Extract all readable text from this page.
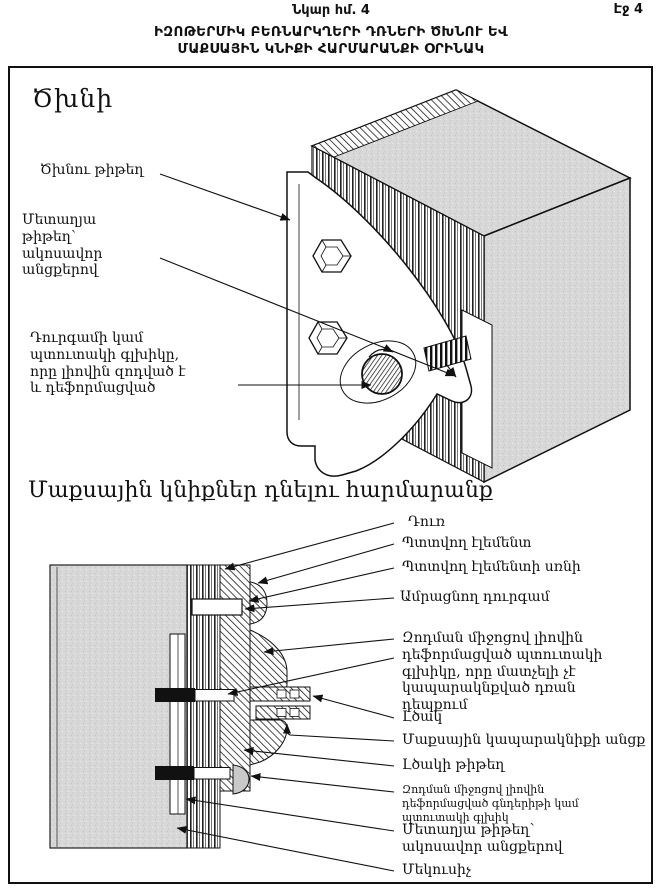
Նկար հմ. 4	Էջ 4
ԻԶՈԹԵՐՄԻԿ ԲԵՌՆԱՐԿՂԵՐԻ ԴՌՆԵՐԻ ԾԽՆՈՒ ԵՎ
ՄԱՔՍԱՅԻՆ ԿՆԻՔԻ ՀԱՐՄԱՐԱՆՔԻ ՕՐԻՆԱԿ
Ծխնի
Մաքսային կնիքներ դնելու հարմարանք
Ծխնու թիթեղ
Մետաղյա թիթեղ՝ ակոսավոր անցքերով
Դուրգամի կամ պտուտակի գլխիկը, որը լիովին զոդված է և դեֆորմացված
Դուռ
Պտտվող էլեմենտ
Պտտվող էլեմենտի սռնի
Ամրացնող դուրգամ
Զոդման միջոցով լիովին դեֆորմացված պտուտակի գլխիկը, որը մատչելի չէ կապարակնքված դռան դեպքում
Լծակ
Մաքսային կապարակնիքի անցք
Լծակի թիթեղ
Զոդման միջոցով լիովին դեֆորմացված գնդերիթի կամ պտուտակի գլխիկ
Մետաղյա թիթեղ՝ ակոսավոր անցքերով
Մեկուսիչ
